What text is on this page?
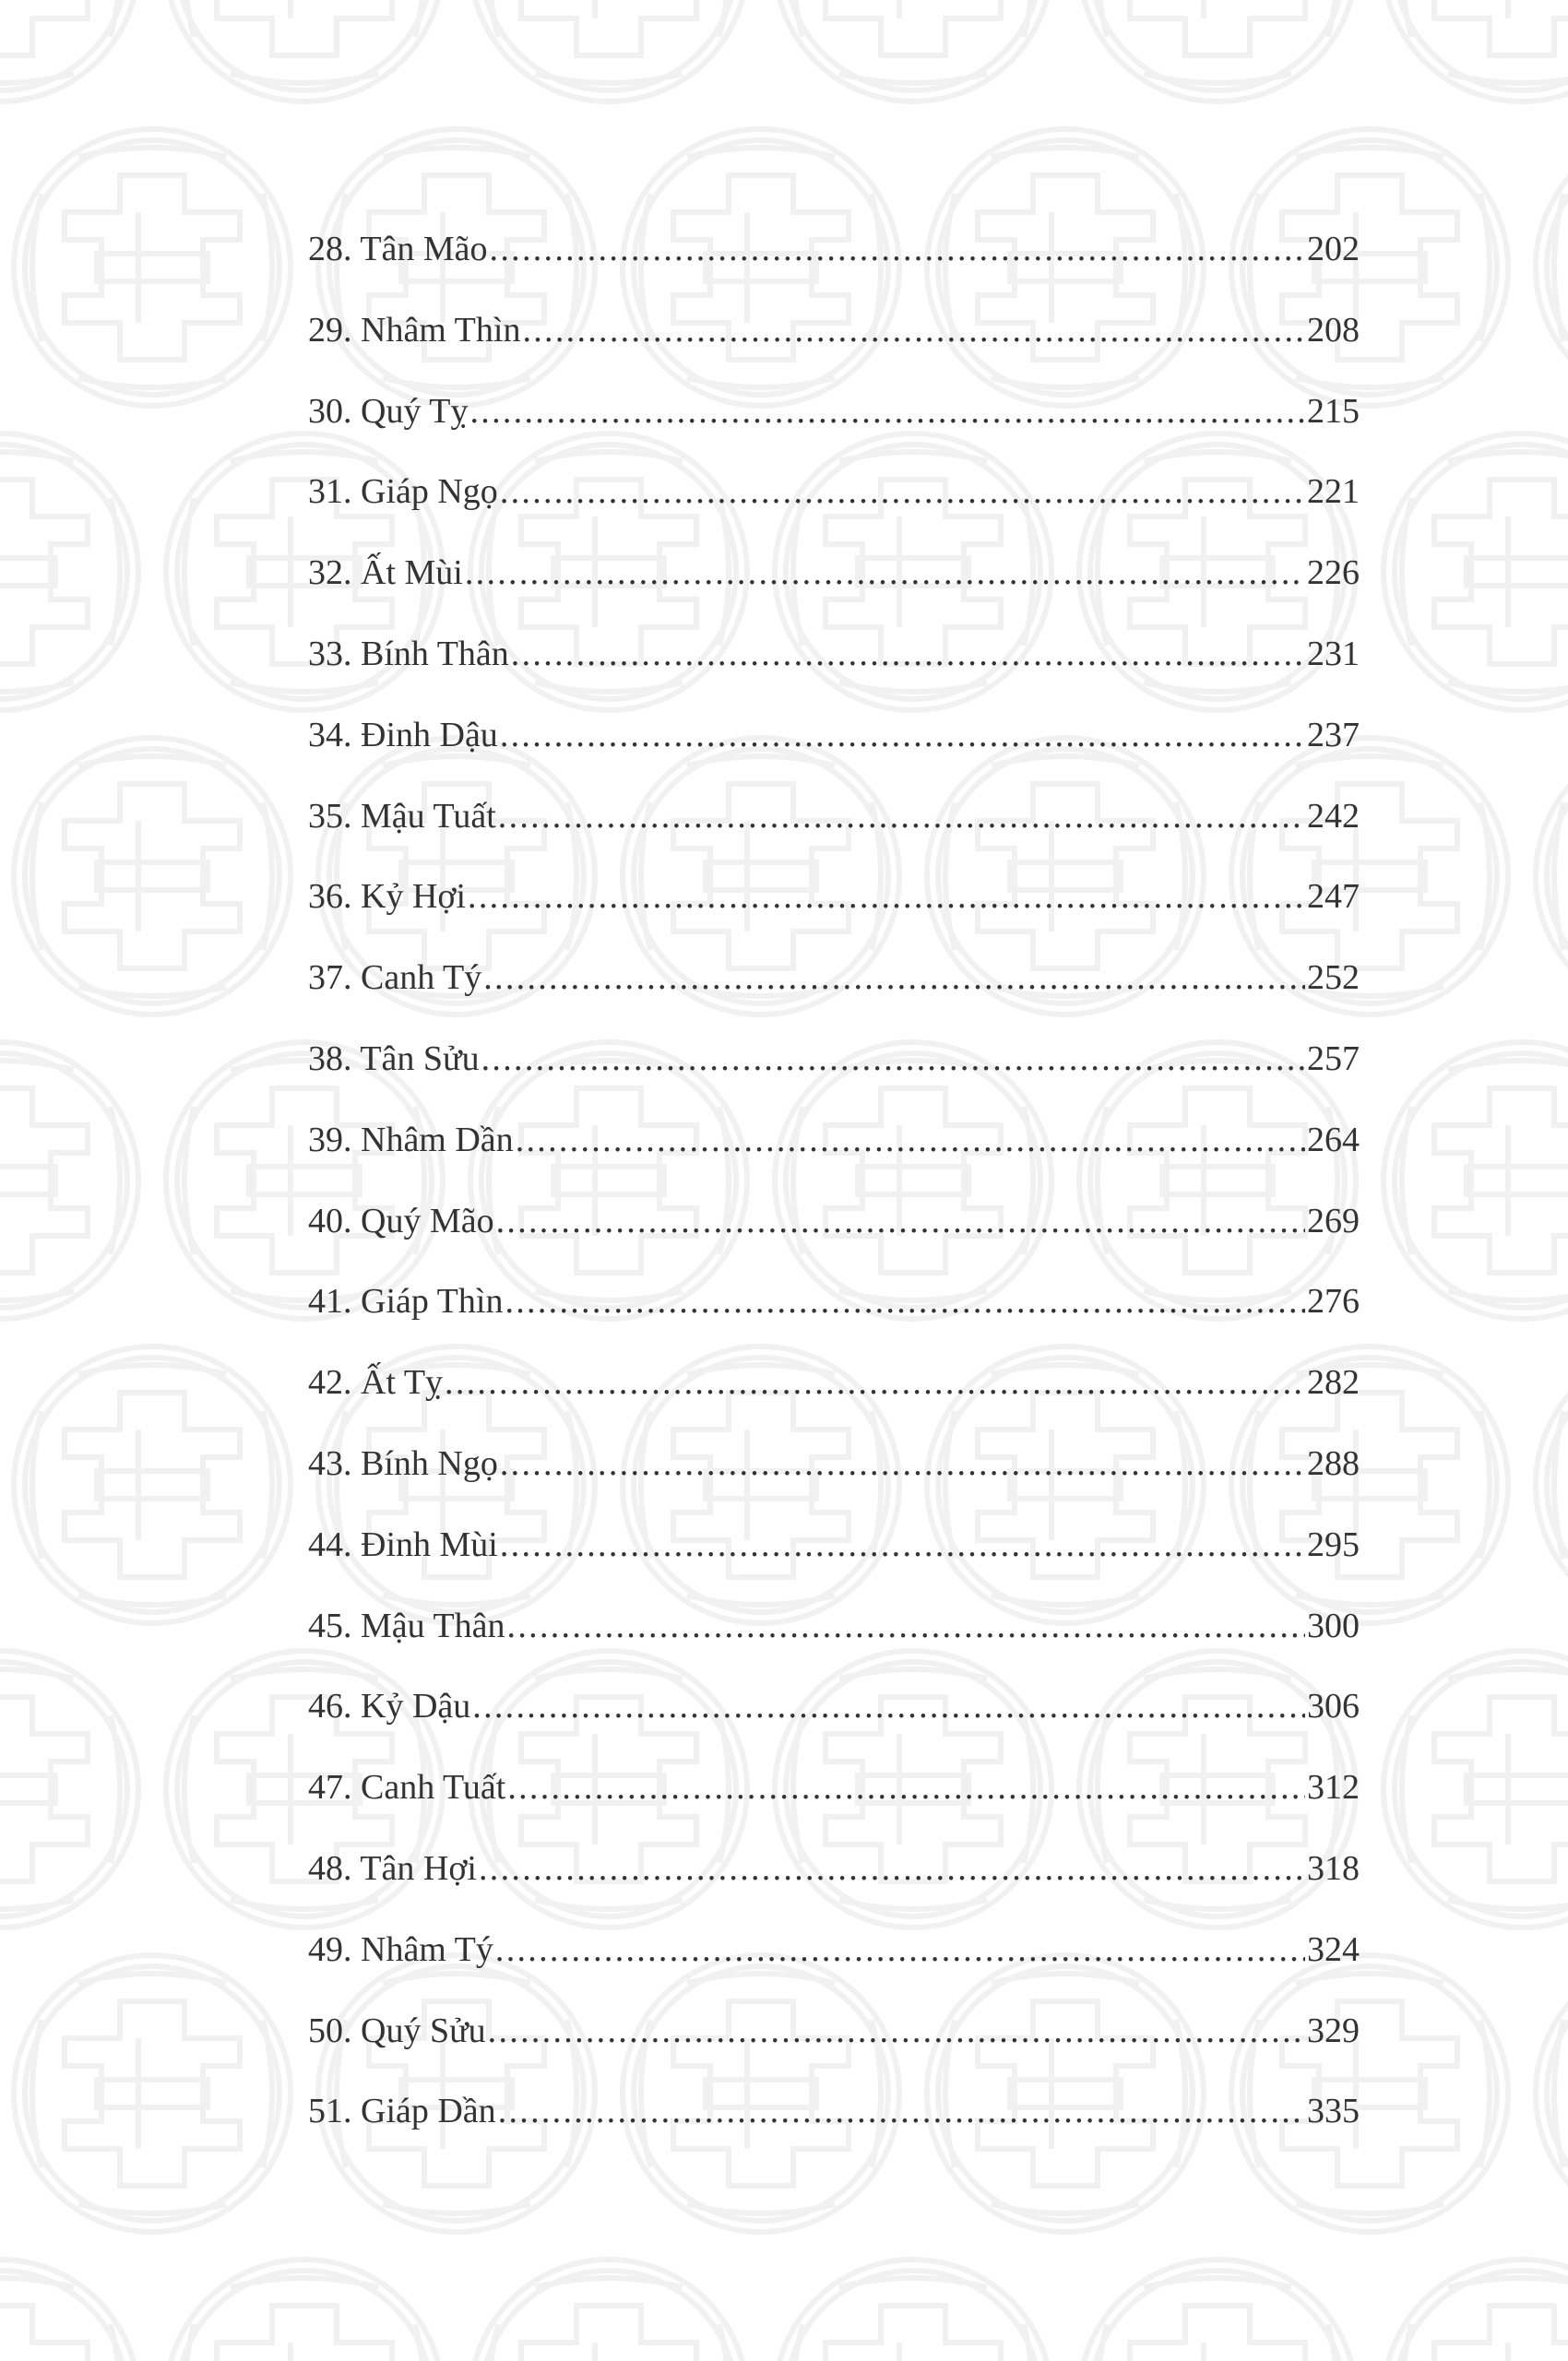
28. Tân Mão .....	202
29. Nhâm Thìn .....	208
30. Quý Tỵ .....	215
31. Giáp Ngọ .....	221
32. Ất Mùi .....	226
33. Bính Thân .....	231
34. Đinh Dậu .....	237
35. Mậu Tuất .....	242
36. Kỷ Hợi .....	247
37. Canh Tý .....	252
38. Tân Sửu .....	257
39. Nhâm Dần .....	264
40. Quý Mão .....	269
41. Giáp Thìn .....	276
42. Ất Tỵ .....	282
43. Bính Ngọ .....	288
44. Đinh Mùi .....	295
45. Mậu Thân .....	300
46. Kỷ Dậu .....	306
47. Canh Tuất .....	312
48. Tân Hợi .....	318
49. Nhâm Tý .....	324
50. Quý Sửu .....	329
51. Giáp Dần .....	335
